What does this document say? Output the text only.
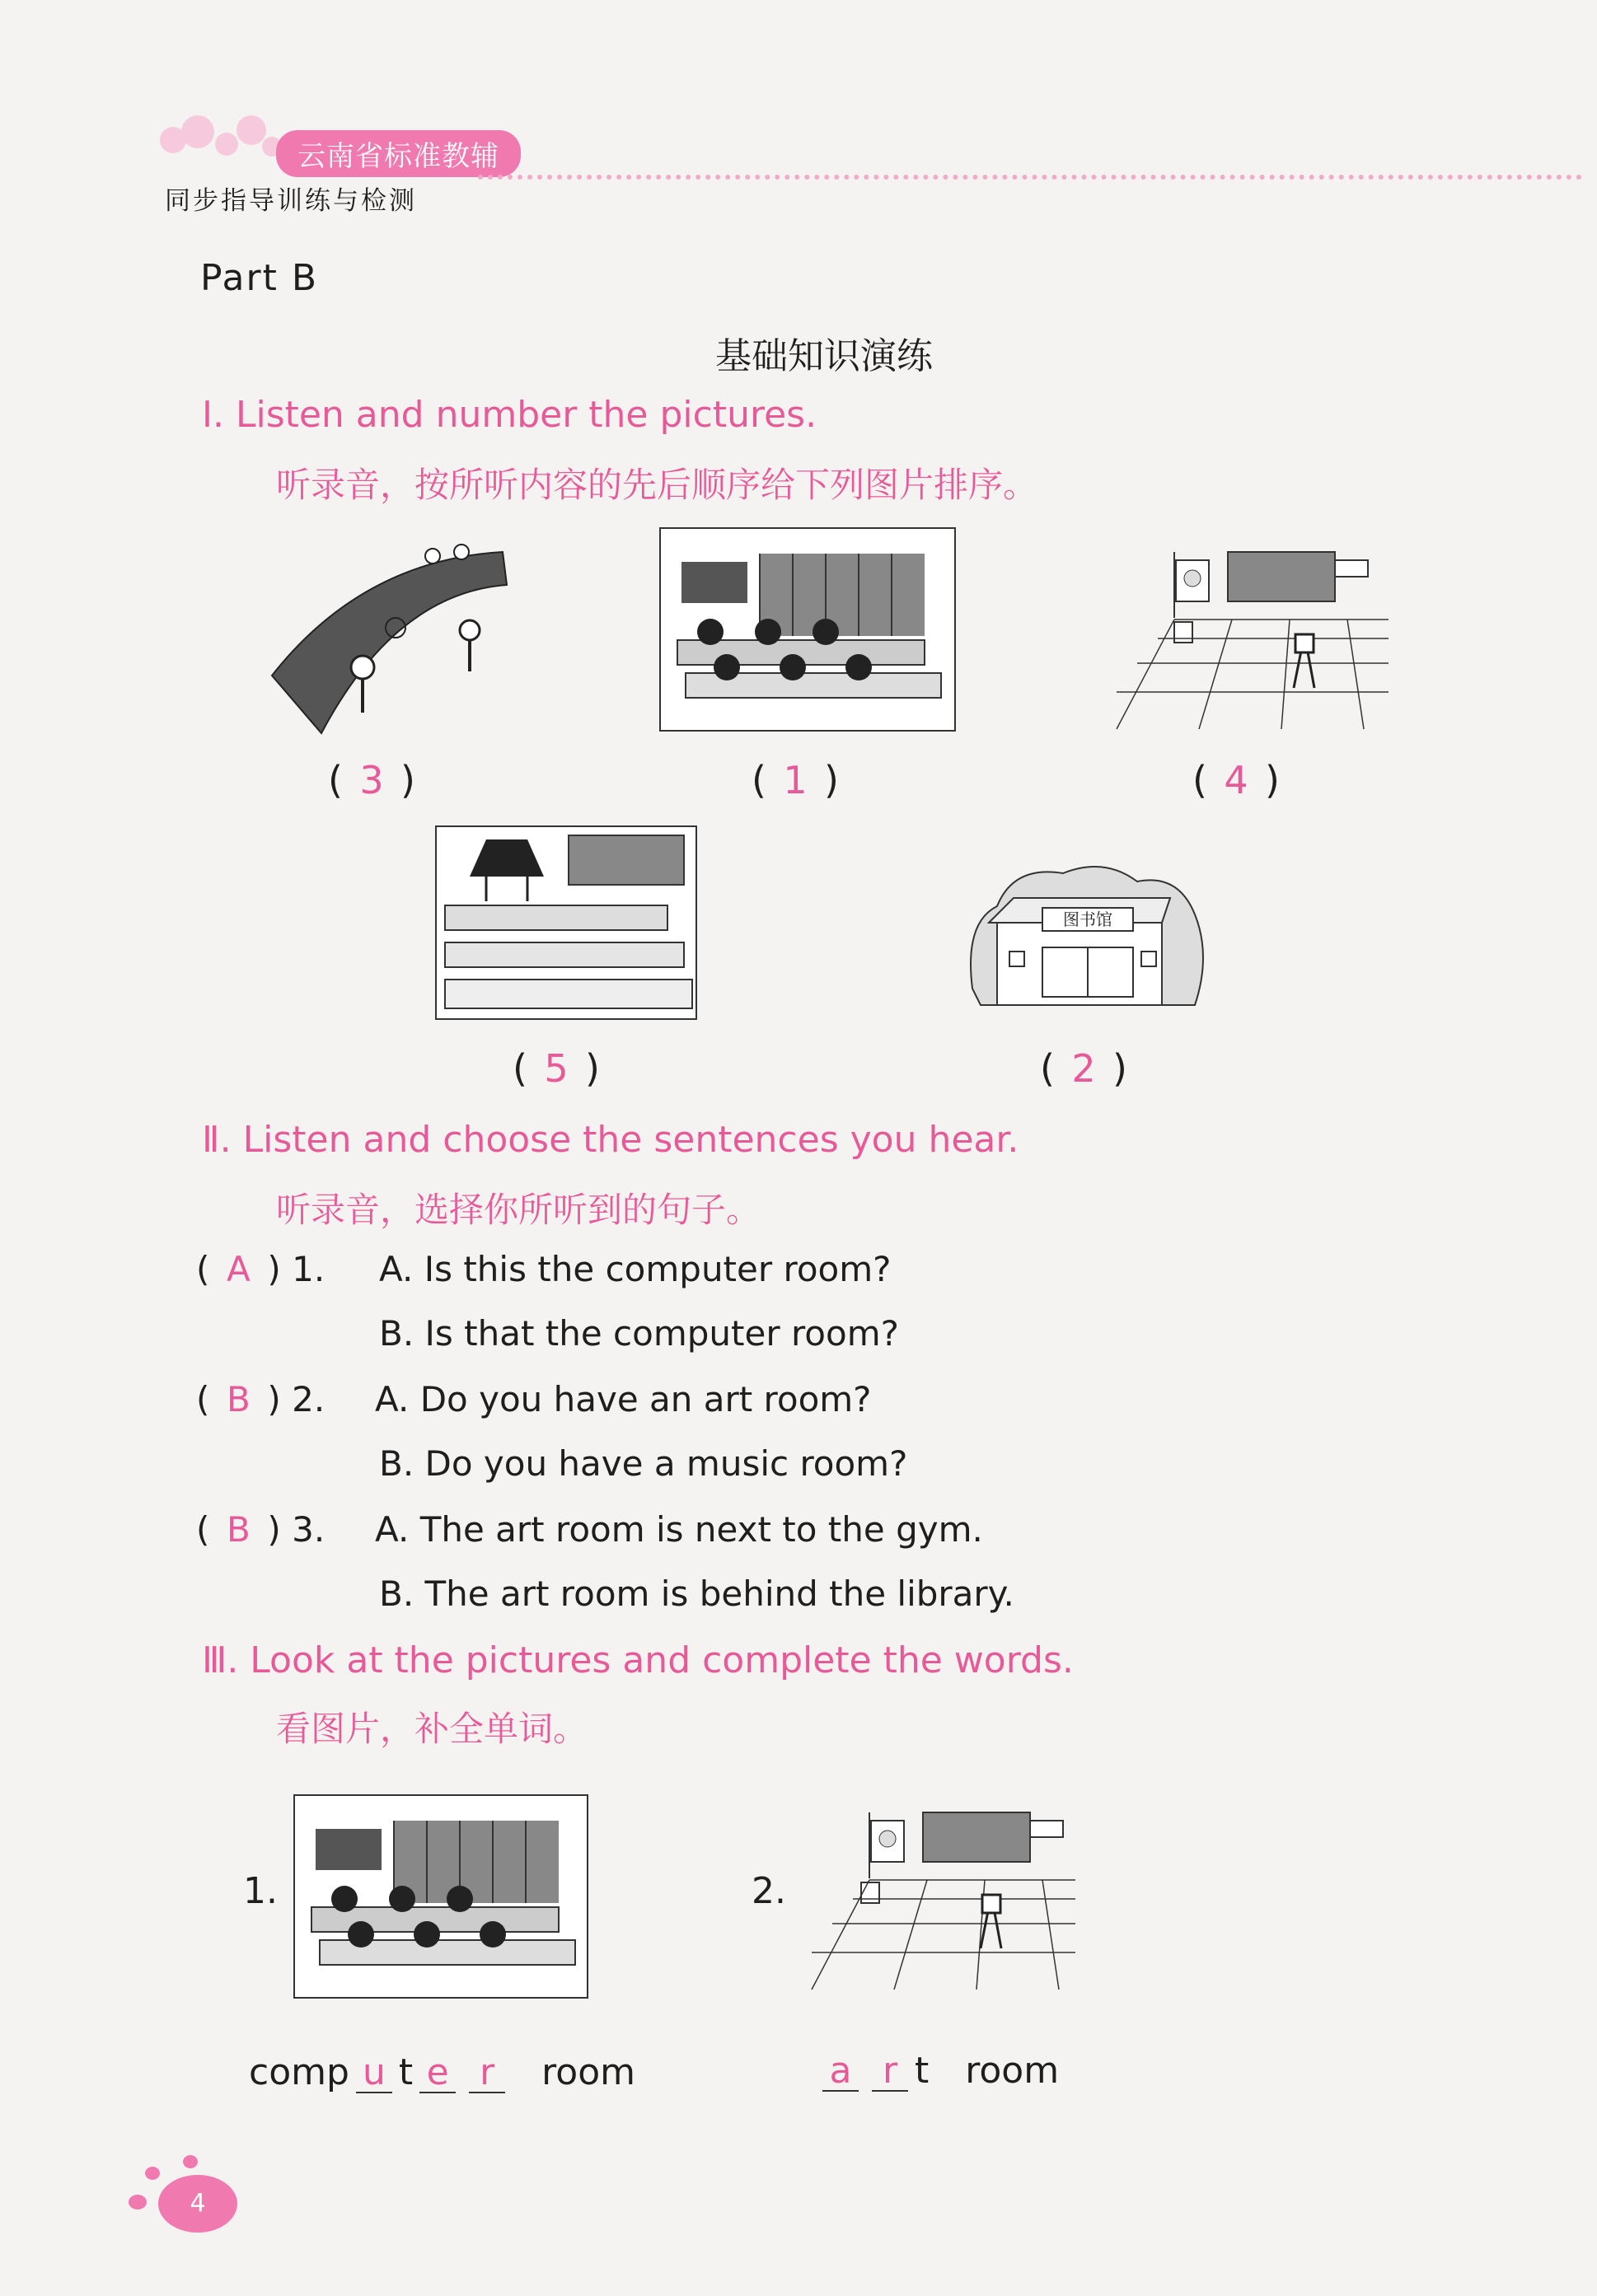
云南省标准教辅
同步指导训练与检测
Part B
基础知识演练
Ⅰ. Listen and number the pictures.
听录音，按所听内容的先后顺序给下列图片排序。
( 3 )	( 1 )	( 4 )
图书馆
( 5 )	( 2 )
Ⅱ. Listen and choose the sentences you hear.
听录音，选择你所听到的句子。
( A ) 1. A. Is this the computer room?
B. Is that the computer room?
( B ) 2. A. Do you have an art room?
B. Do you have a music room?
( B ) 3. A. The art room is next to the gym.
B. The art room is behind the library.
Ⅲ. Look at the pictures and complete the words.
看图片，补全单词。
1.	2.
comp u t e r room	a r t room
4
